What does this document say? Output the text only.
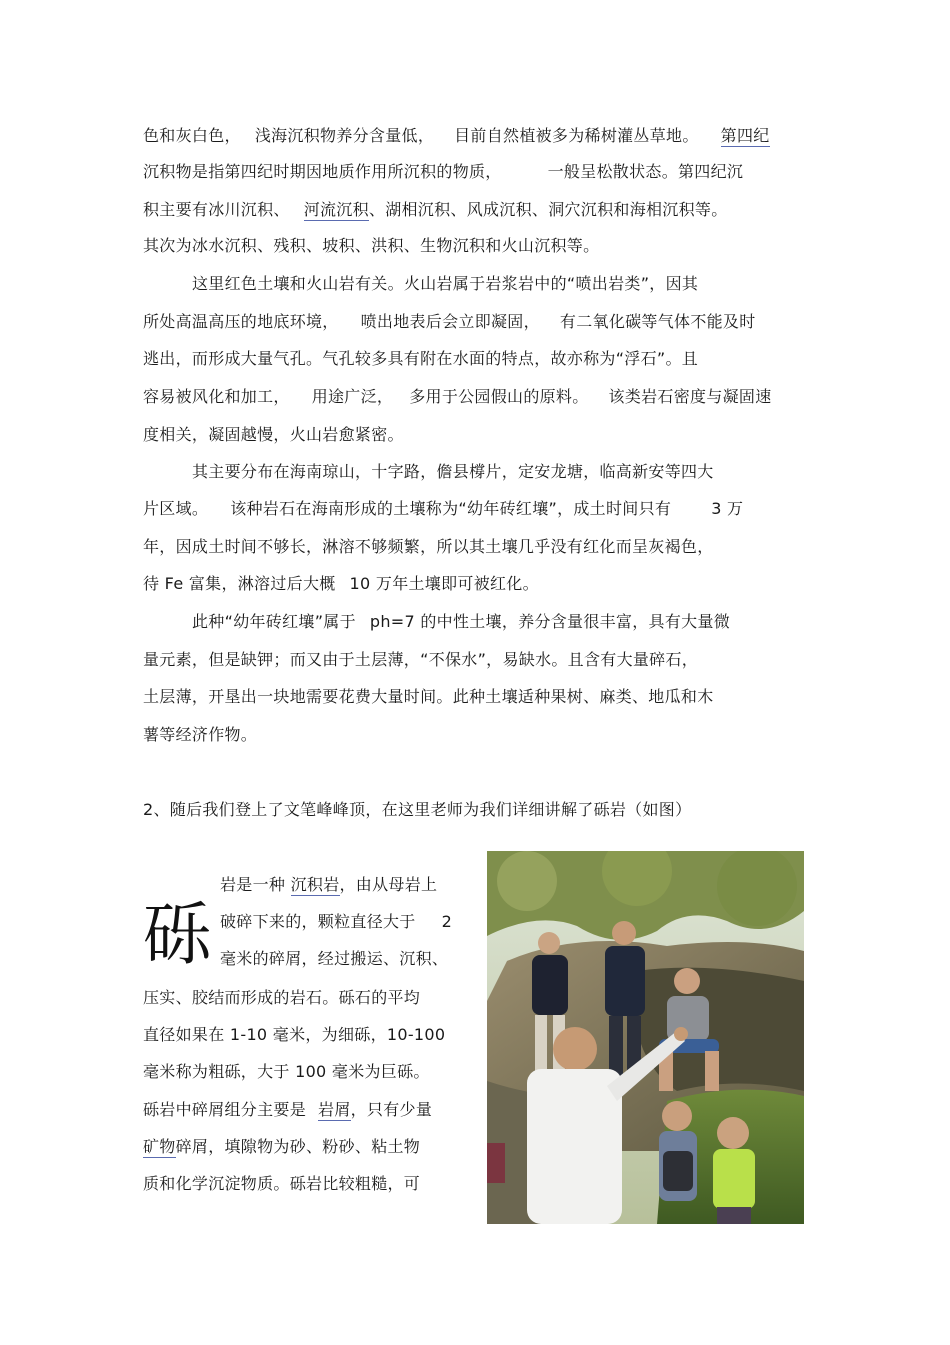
色和灰白色， 浅海沉积物养分含量低， 目前自然植被多为稀树灌丛草地。 第四纪
沉积物是指第四纪时期因地质作用所沉积的物质，	一般呈松散状态。第四纪沉
积主要有冰川沉积、 河流沉积、湖相沉积、风成沉积、洞穴沉积和海相沉积等。
其次为冰水沉积、残积、坡积、洪积、生物沉积和火山沉积等。
这里红色土壤和火山岩有关。火山岩属于岩浆岩中的“喷出岩类”，因其
所处高温高压的地底环境， 喷出地表后会立即凝固， 有二氧化碳等气体不能及时
逃出，而形成大量气孔。气孔较多具有附在水面的特点，故亦称为“浮石”。且
容易被风化和加工， 用途广泛， 多用于公园假山的原料。 该类岩石密度与凝固速
度相关，凝固越慢，火山岩愈紧密。
其主要分布在海南琼山，十字路，儋县橕片，定安龙塘，临高新安等四大
片区域。 该种岩石在海南形成的土壤称为“幼年砖红壤”，成土时间只有	3 万
年，因成土时间不够长，淋溶不够频繁，所以其土壤几乎没有红化而呈灰褐色，
待 Fe 富集，淋溶过后大概 10 万年土壤即可被红化。
此种“幼年砖红壤”属于 ph=7 的中性土壤，养分含量很丰富，具有大量微
量元素，但是缺钾；而又由于土层薄，“不保水”，易缺水。且含有大量碎石，
土层薄，开垦出一块地需要花费大量时间。此种土壤适种果树、麻类、地瓜和木
薯等经济作物。
2、随后我们登上了文笔峰峰顶，在这里老师为我们详细讲解了砾岩（如图）
砾
岩是一种 沉积岩，由从母岩上
破碎下来的，颗粒直径大于 2
毫米的碎屑，经过搬运、沉积、
压实、胶结而形成的岩石。砾石的平均
直径如果在 1-10 毫米，为细砾，10-100
毫米称为粗砾，大于 100 毫米为巨砾。
砾岩中碎屑组分主要是 岩屑，只有少量
矿物碎屑，填隙物为砂、粉砂、粘土物
质和化学沉淀物质。砾岩比较粗糙，可
